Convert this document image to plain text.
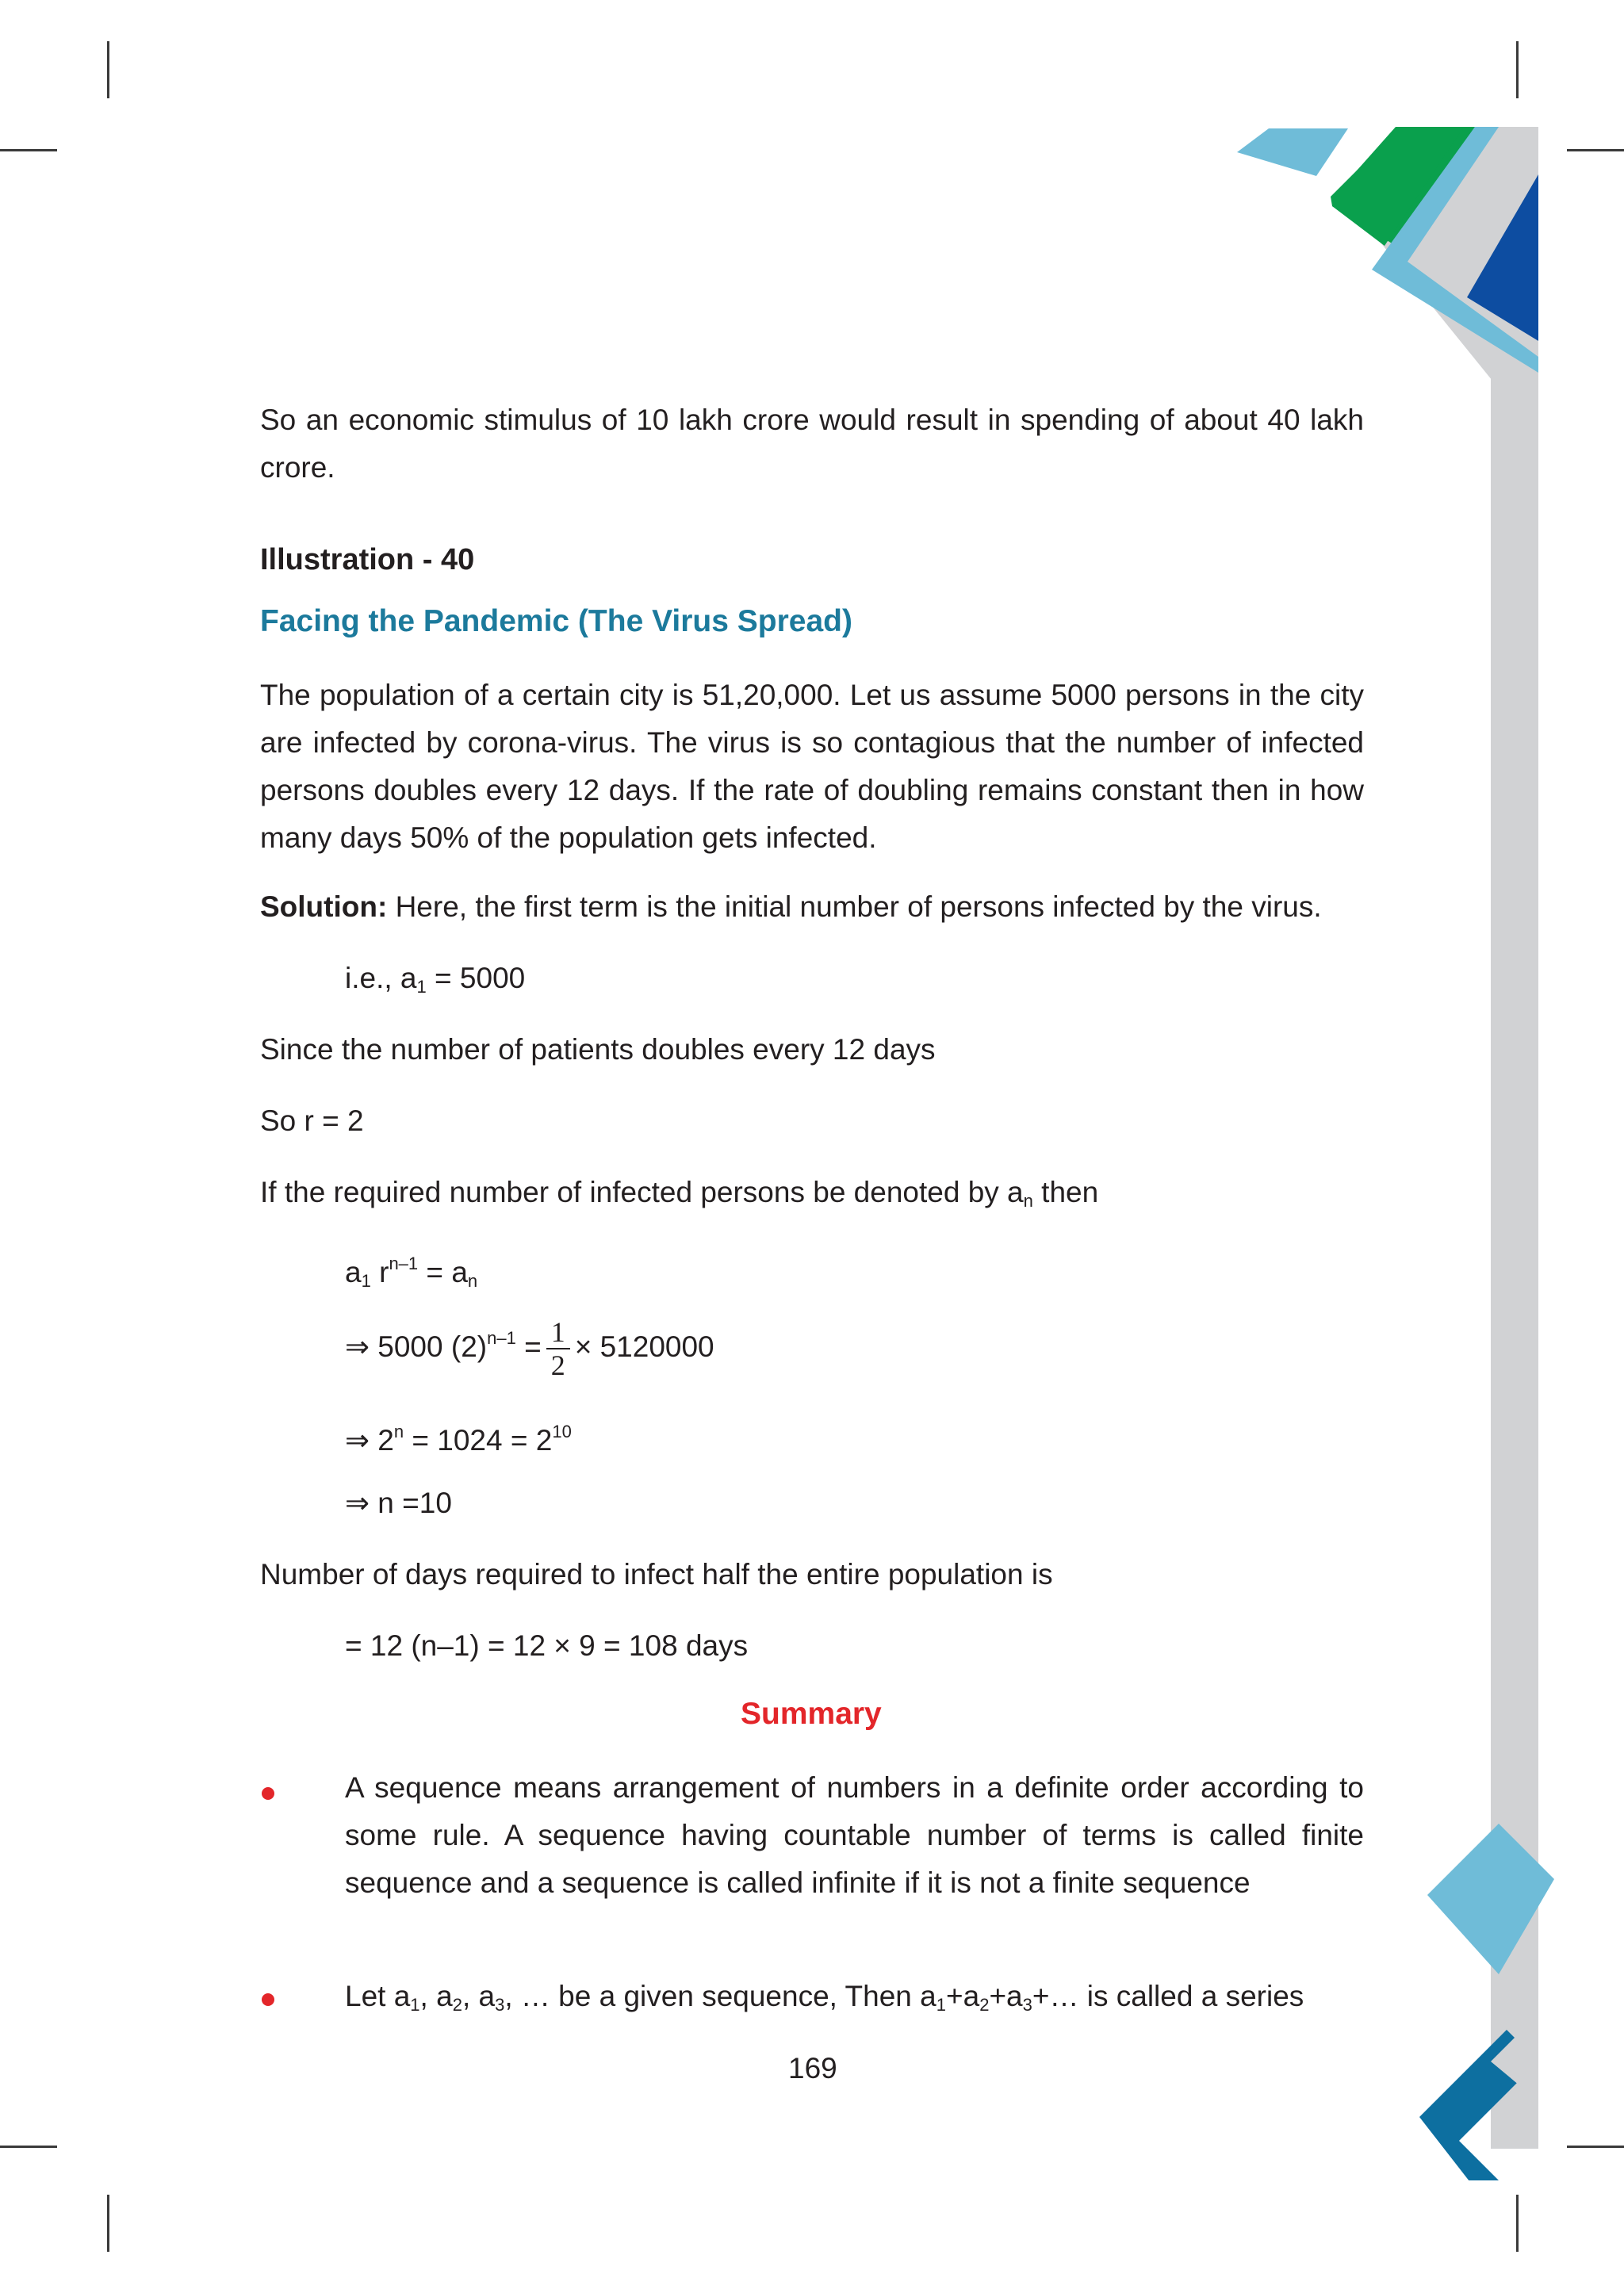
So an economic stimulus of 10 lakh crore would result in spending of about 40 lakh crore.
Illustration - 40
Facing the Pandemic (The Virus Spread)
The population of a certain city is 51,20,000. Let us assume 5000 persons in the city are infected by corona-virus. The virus is so contagious that the number of infected persons doubles every 12 days. If the rate of doubling remains constant then in how many days 50% of the population gets infected.
Solution: Here, the first term is the initial number of persons infected by the virus.
i.e., $a_1 = 5000$
Since the number of patients doubles every 12 days
So r = 2
If the required number of infected persons be denoted by $a_n$ then
$a_1$ $r^{n-1} = a_n$
⇒ 5000 $(2)^{n-1} = \frac{1}{2} \times 5120000$
⇒ $2^n = 1024 = 2^{10}$
⇒ n =10
Number of days required to infect half the entire population is
= 12 (n–1) = 12 × 9 = 108 days
Summary
A sequence means arrangement of numbers in a definite order according to some rule. A sequence having countable number of terms is called finite sequence and a sequence is called infinite if it is not a finite sequence
Let $a_1$, $a_2$, $a_3$, … be a given sequence, Then $a_1+a_2+a_3+\dots$ is called a series
169
